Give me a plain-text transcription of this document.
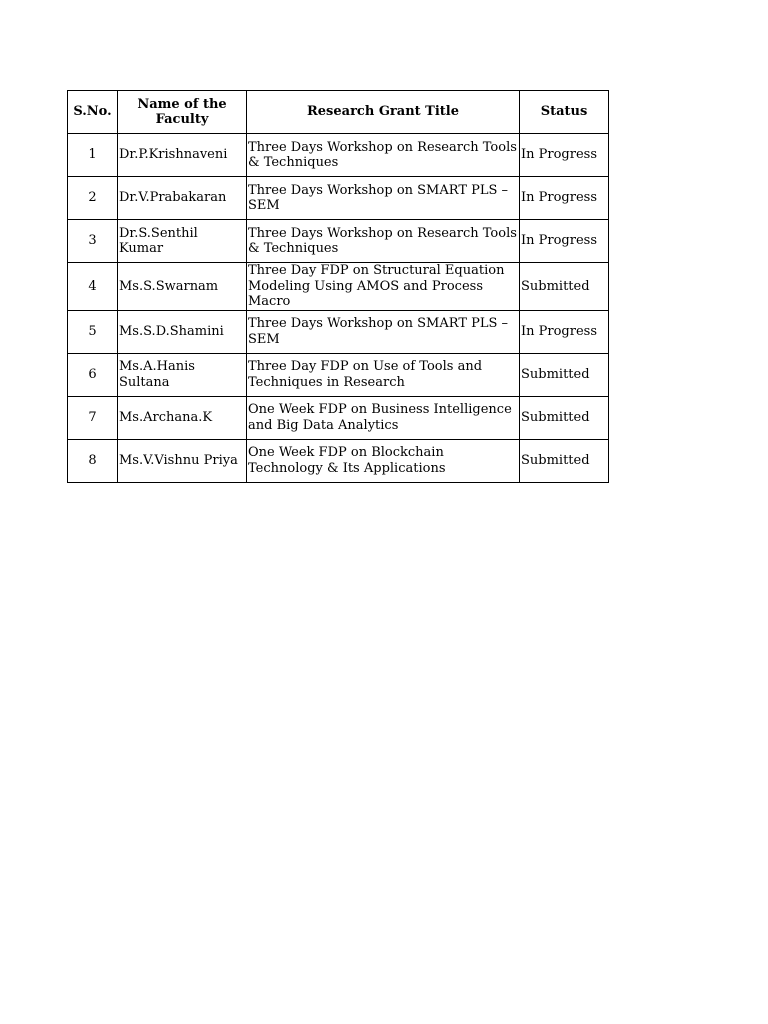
S.No.	Name of the Faculty	Research Grant Title	Status
1	Dr.P.Krishnaveni	Three Days Workshop on Research Tools & Techniques	In Progress
2	Dr.V.Prabakaran	Three Days Workshop on SMART PLS – SEM	In Progress
3	Dr.S.Senthil Kumar	Three Days Workshop on Research Tools & Techniques	In Progress
4	Ms.S.Swarnam	Three Day FDP on Structural Equation Modeling Using AMOS and Process Macro	Submitted
5	Ms.S.D.Shamini	Three Days Workshop on SMART PLS – SEM	In Progress
6	Ms.A.Hanis Sultana	Three Day FDP on Use of Tools and Techniques in Research	Submitted
7	Ms.Archana.K	One Week FDP on Business Intelligence and Big Data Analytics	Submitted
8	Ms.V.Vishnu Priya	One Week FDP on Blockchain Technology & Its Applications	Submitted
